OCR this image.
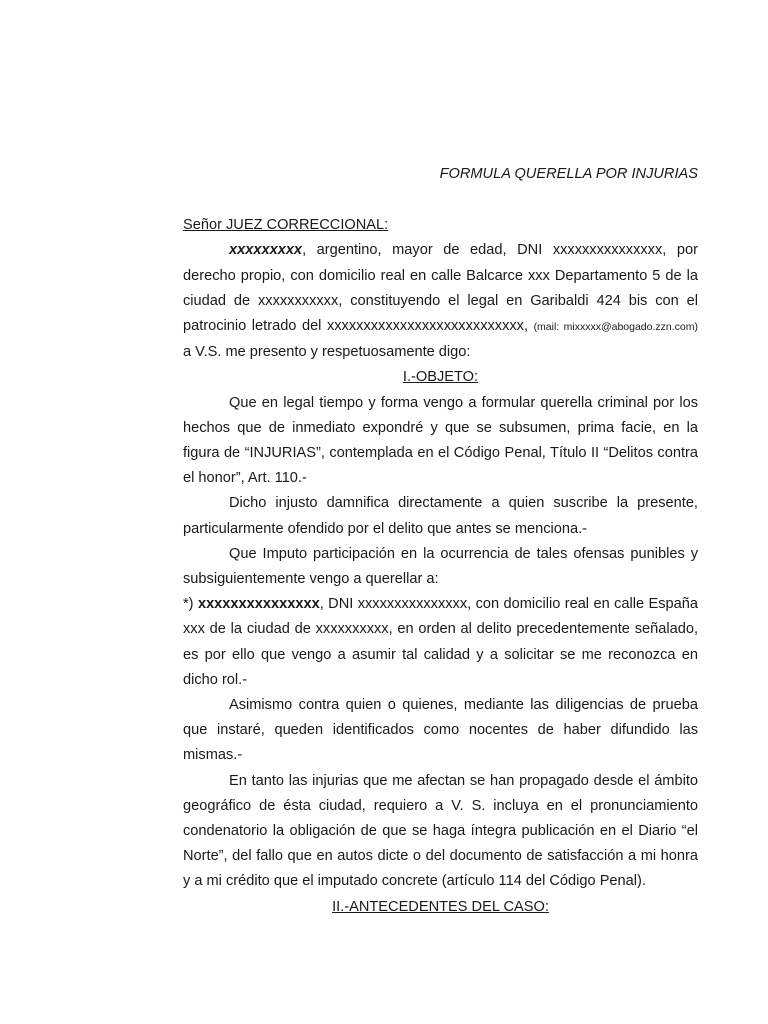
FORMULA QUERELLA POR INJURIAS

Señor JUEZ CORRECCIONAL:

xxxxxxxxx, argentino, mayor de edad, DNI xxxxxxxxxxxxxxx, por derecho propio, con domicilio real en calle Balcarce xxx Departamento 5 de la ciudad de xxxxxxxxxxx, constituyendo el legal en Garibaldi 424 bis con el patrocinio letrado del xxxxxxxxxxxxxxxxxxxxxxxxxxx, (mail: mixxxxx@abogado.zzn.com) a V.S. me presento y respetuosamente digo:

I.-OBJETO:

Que en legal tiempo y forma vengo a formular querella criminal por los hechos que de inmediato expondré y que se subsumen, prima facie, en la figura de “INJURIAS”, contemplada en el Código Penal, Título II “Delitos contra el honor”, Art. 110.-

Dicho injusto damnifica directamente a quien suscribe la presente, particularmente ofendido por el delito que antes se menciona.-

Que Imputo participación en la ocurrencia de tales ofensas punibles y subsiguientemente vengo a querellar a:

*) xxxxxxxxxxxxxxx, DNI xxxxxxxxxxxxxxx, con domicilio real en calle España xxx de la ciudad de xxxxxxxxxx, en orden al delito precedentemente señalado, es por ello que vengo a asumir tal calidad y a solicitar se me reconozca en dicho rol.-

Asimismo contra quien o quienes, mediante las diligencias de prueba que instaré, queden identificados como nocentes de haber difundido las mismas.-

En tanto las injurias que me afectan se han propagado desde el ámbito geográfico de ésta ciudad, requiero a V. S. incluya en el pronunciamiento condenatorio la obligación de que se haga íntegra publicación en el Diario “el Norte”, del fallo que en autos dicte o del documento de satisfacción a mi honra y a mi crédito que el imputado concrete (artículo 114 del Código Penal).

II.-ANTECEDENTES DEL CASO:
